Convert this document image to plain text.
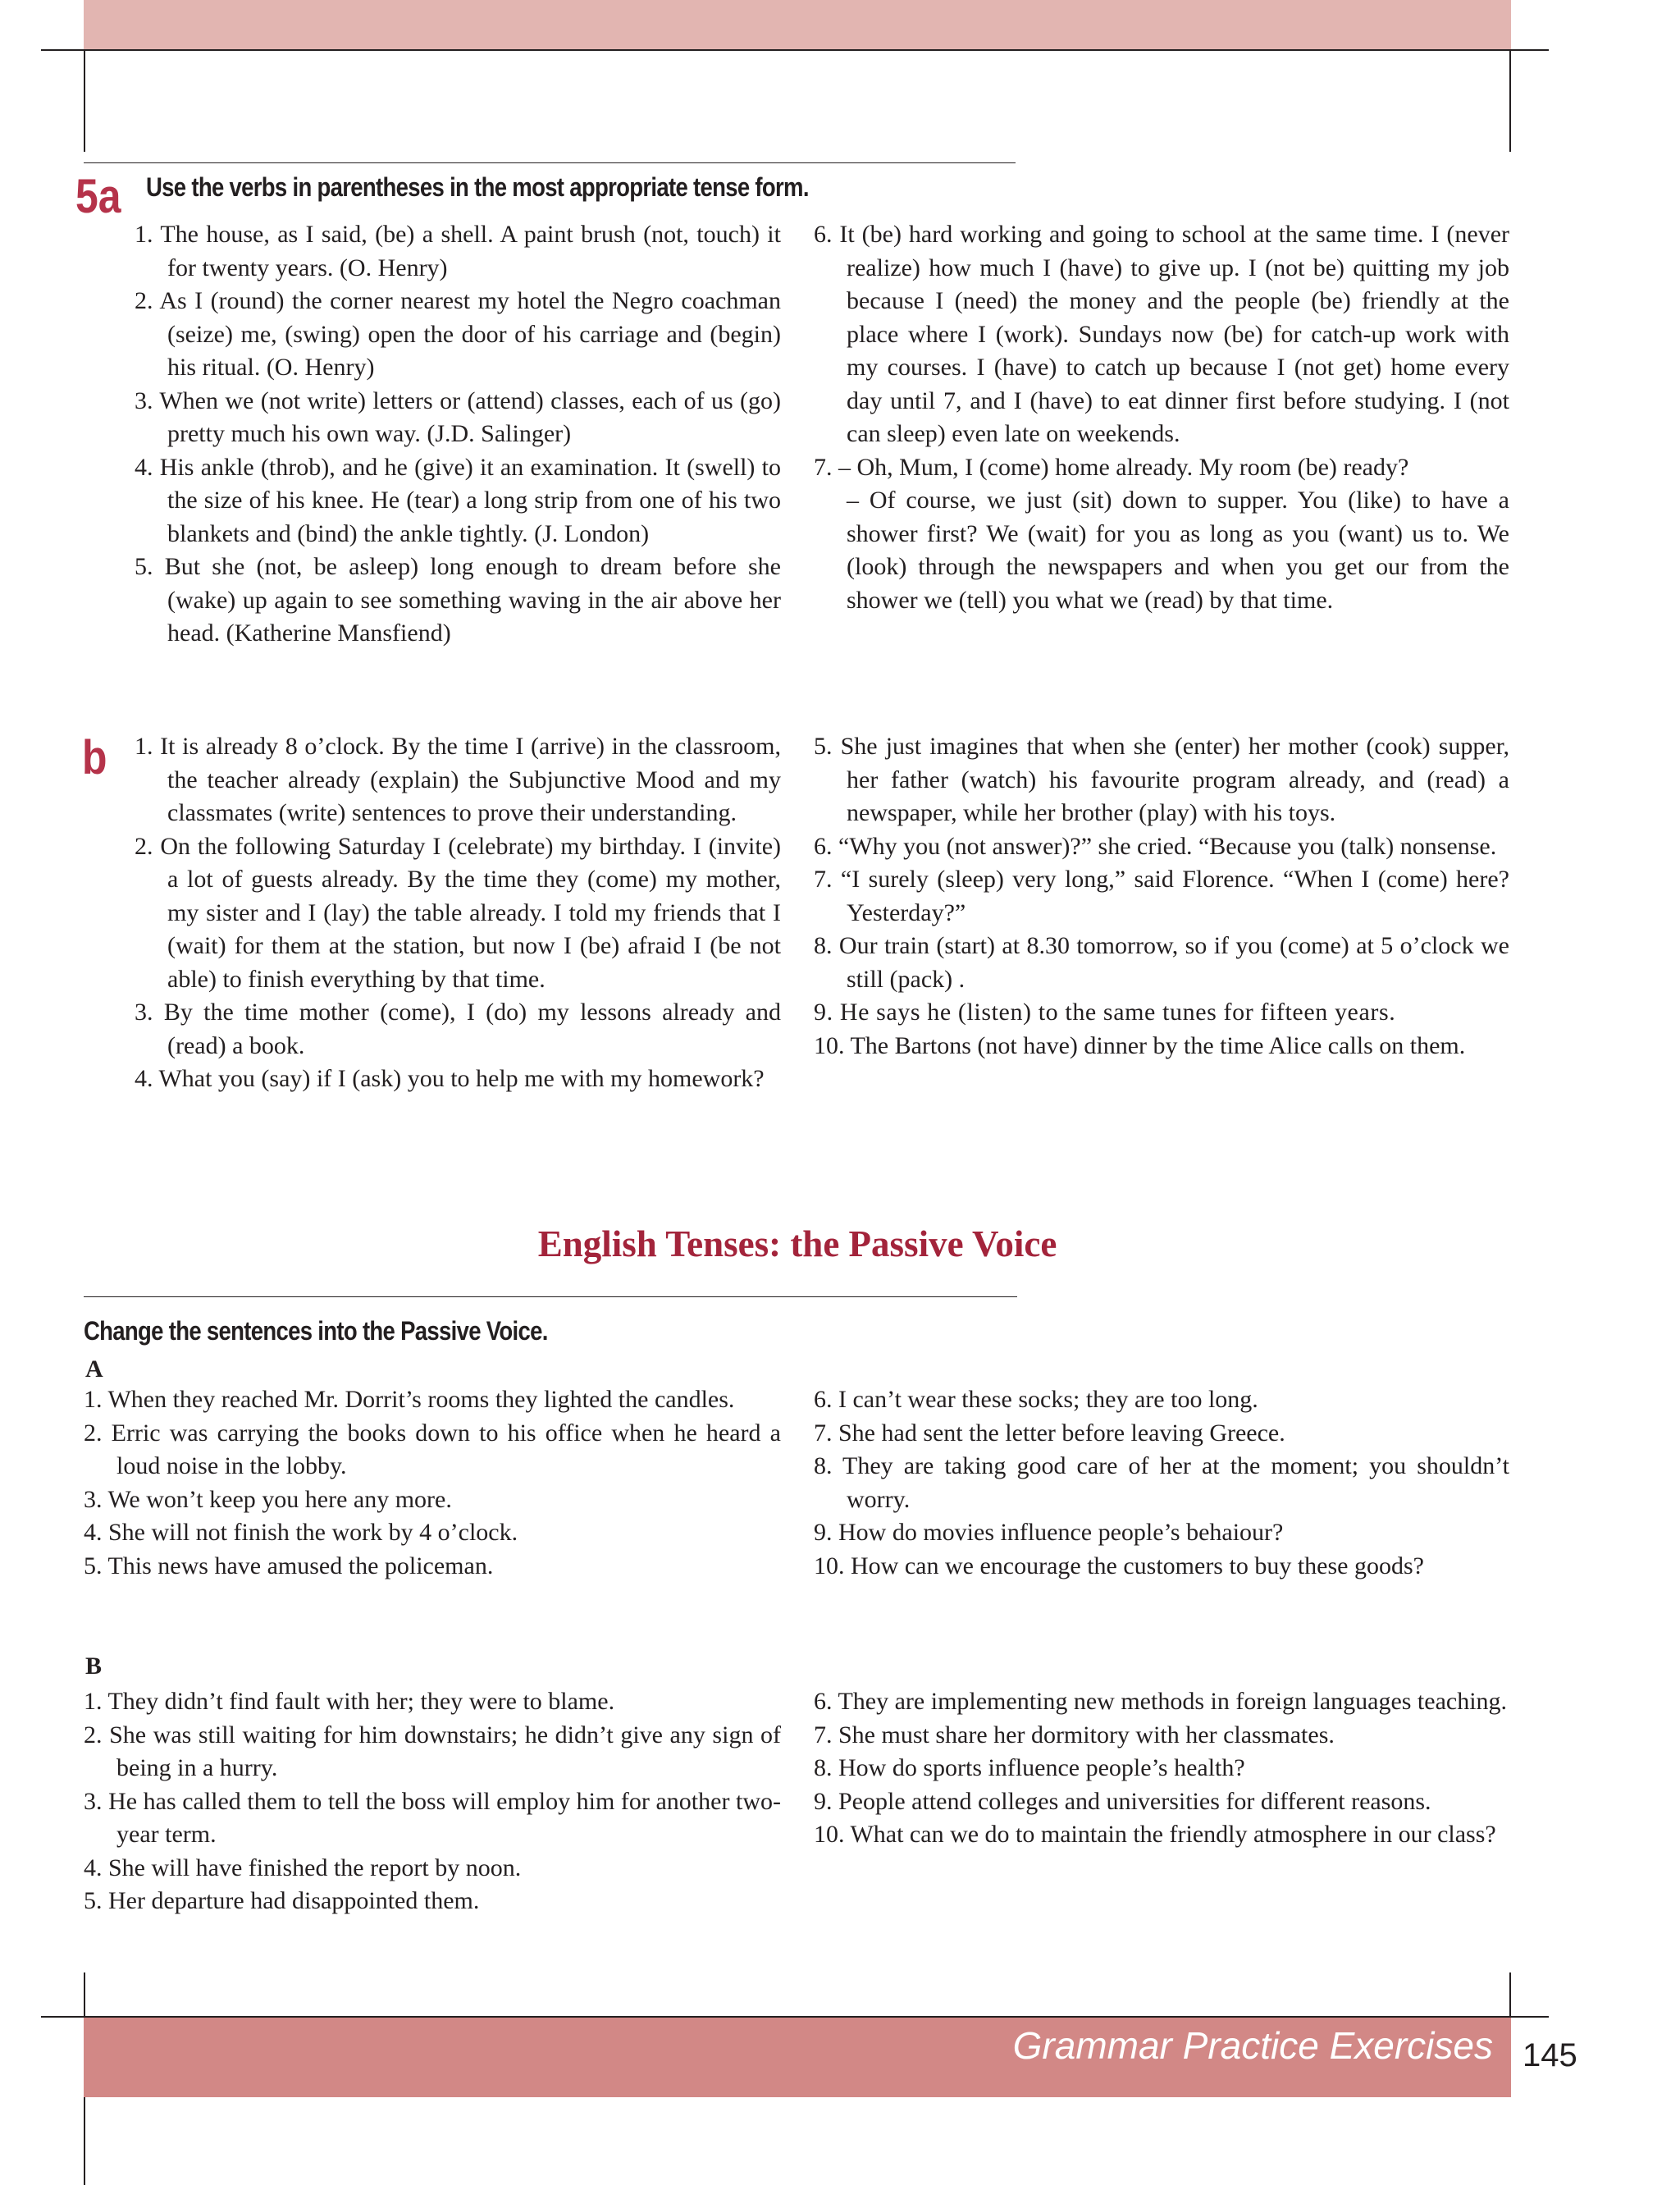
5a Use the verbs in parentheses in the most appropriate tense form.

1. The house, as I said, (be) a shell. A paint brush (not, touch) it for twenty years. (O. Henry)

2. As I (round) the corner nearest my hotel the Negro coachman (seize) me, (swing) open the door of his carriage and (begin) his ritual. (O. Henry)

3. When we (not write) letters or (attend) classes, each of us (go) pretty much his own way. (J.D. Salinger)

4. His ankle (throb), and he (give) it an examination. It (swell) to the size of his knee. He (tear) a long strip from one of his two blankets and (bind) the ankle tightly. (J. London)

5. But she (not, be asleep) long enough to dream before she (wake) up again to see something waving in the air above her head. (Katherine Mansfiend)

6. It (be) hard working and going to school at the same time. I (never realize) how much I (have) to give up. I (not be) quitting my job because I (need) the money and the people (be) friendly at the place where I (work). Sundays now (be) for catch-up work with my courses. I (have) to catch up because I (not get) home every day until 7, and I (have) to eat dinner first before studying. I (not can sleep) even late on weekends.

7. – Oh, Mum, I (come) home already. My room (be) ready?

– Of course, we just (sit) down to supper. You (like) to have a shower first? We (wait) for you as long as you (want) us to. We (look) through the newspapers and when you get our from the shower we (tell) you what we (read) by that time.

b 1. It is already 8 o’clock. By the time I (arrive) in the classroom, the teacher already (explain) the Subjunctive Mood and my classmates (write) sentences to prove their understanding.

2. On the following Saturday I (celebrate) my birthday. I (invite) a lot of guests already. By the time they (come) my mother, my sister and I (lay) the table already. I told my friends that I (wait) for them at the station, but now I (be) afraid I (be not able) to finish everything by that time.

3. By the time mother (come), I (do) my lessons already and (read) a book.

4. What you (say) if I (ask) you to help me with my homework?

5. She just imagines that when she (enter) her mother (cook) supper, her father (watch) his favourite program already, and (read) a newspaper, while her brother (play) with his toys.

6. “Why you (not answer)?” she cried. “Because you (talk) nonsense.

7. “I surely (sleep) very long,” said Florence. “When I (come) here? Yesterday?”

8. Our train (start) at 8.30 tomorrow, so if you (come) at 5 o’clock we still (pack) .

9. He says he (listen) to the same tunes for fifteen years.

10. The Bartons (not have) dinner by the time Alice calls on them.

English Tenses: the Passive Voice
Change the sentences into the Passive Voice.
A

1. When they reached Mr. Dorrit’s rooms they lighted the candles.

2. Erric was carrying the books down to his office when he heard a loud noise in the lobby.

3. We won’t keep you here any more.

4. She will not finish the work by 4 o’clock.

5. This news have amused the policeman.

6. I can’t wear these socks; they are too long.

7. She had sent the letter before leaving Greece.

8. They are taking good care of her at the moment; you shouldn’t worry.

9. How do movies influence people’s behaiour?

10. How can we encourage the customers to buy these goods?

B

1. They didn’t find fault with her; they were to blame.

2. She was still waiting for him downstairs; he didn’t give any sign of being in a hurry.

3. He has called them to tell the boss will employ him for another two-year term.

4. She will have finished the report by noon.

5. Her departure had disappointed them.

6. They are implementing new methods in foreign languages teaching.

7. She must share her dormitory with her classmates.

8. How do sports influence people’s health?

9. People attend colleges and universities for different reasons.

10. What can we do to maintain the friendly atmosphere in our class?

Grammar Practice Exercises 145
